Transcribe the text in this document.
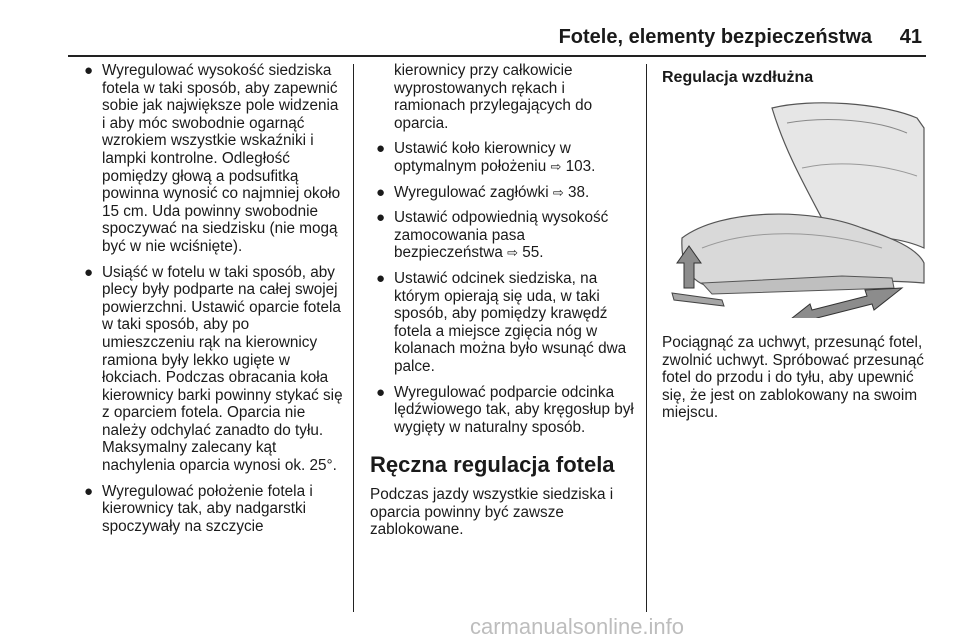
Fotele, elementy bezpieczeństwa 41
● Wyregulować wysokość siedziska fotela w taki sposób, aby zapewnić sobie jak największe pole widzenia i aby móc swobodnie ogarnąć wzrokiem wszystkie wskaźniki i lampki kontrolne. Odległość pomiędzy głową a podsufitką powinna wynosić co najmniej około 15 cm. Uda powinny swobodnie spoczywać na siedzisku (nie mogą być w nie wciśnięte).
● Usiąść w fotelu w taki sposób, aby plecy były podparte na całej swojej powierzchni. Ustawić oparcie fotela w taki sposób, aby po umieszczeniu rąk na kierownicy ramiona były lekko ugięte w łokciach. Podczas obracania koła kierownicy barki powinny stykać się z oparciem fotela. Oparcia nie należy odchylać zanadto do tyłu. Maksymalny zalecany kąt nachylenia oparcia wynosi ok. 25°.
● Wyregulować położenie fotela i kierownicy tak, aby nadgarstki spoczywały na szczycie
kierownicy przy całkowicie wyprostowanych rękach i ramionach przylegających do oparcia.
● Ustawić koło kierownicy w optymalnym położeniu ⇨ 103.
● Wyregulować zagłówki ⇨ 38.
● Ustawić odpowiednią wysokość zamocowania pasa bezpieczeństwa ⇨ 55.
● Ustawić odcinek siedziska, na którym opierają się uda, w taki sposób, aby pomiędzy krawędź fotela a miejsce zgięcia nóg w kolanach można było wsunąć dwa palce.
● Wyregulować podparcie odcinka lędźwiowego tak, aby kręgosłup był wygięty w naturalny sposób.
Ręczna regulacja fotela

Podczas jazdy wszystkie siedziska i oparcia powinny być zawsze zablokowane.

Regulacja wzdłużna

Pociągnąć za uchwyt, przesunąć fotel, zwolnić uchwyt. Spróbować przesunąć fotel do przodu i do tyłu, aby upewnić się, że jest on zablokowany na swoim miejscu.

carmanualsonline.info
